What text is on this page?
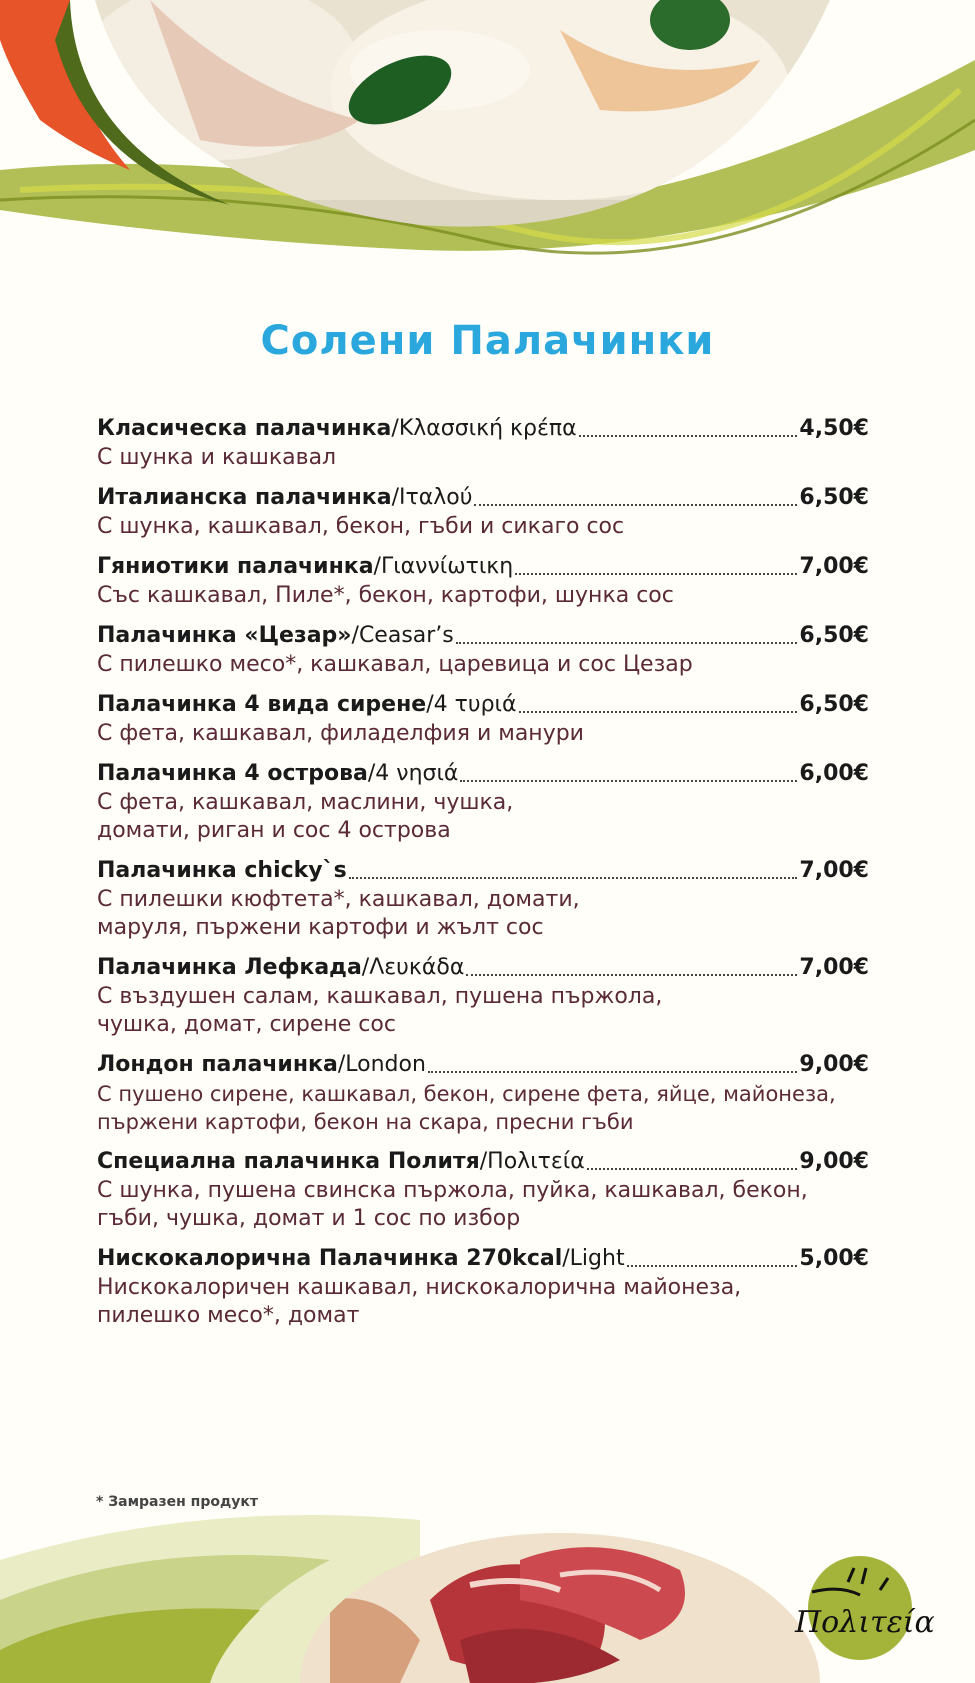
Солени Палачинки
Класическа палачинка / Κλασσική κρέπα	4,50€
С шунка и кашкавал
Италианска палачинка / Ιταλού	6,50€
С шунка, кашкавал, бекон, гъби и сикаго сос
Гяниотики палачинка / Γιαννίωτικη	7,00€
Със кашкавал, Пиле*, бекон, картофи, шунка сос
Палачинка «Цезар» / Ceasar’s	6,50€
С пилешко месо*, кашкавал, царевица и сос Цезар
Палачинка 4 вида сирене / 4 τυριά	6,50€
С фета, кашкавал, филаделфия и манури
Палачинка 4 острова / 4 νησιά	6,00€
С фета, кашкавал, маслини, чушка, домати, риган и сос 4 острова
Палачинка chicky`s	7,00€
С пилешки кюфтета*, кашкавал, домати, маруля, пържени картофи и жълт сос
Палачинка Лефкада / Λευκάδα	7,00€
С въздушен салам, кашкавал, пушена пържола, чушка, домат, сирене сос
Лондон палачинка / London	9,00€
С пушено сирене, кашкавал, бекон, сирене фета, яйце, майонеза, пържени картофи, бекон на скара, пресни гъби
Специална палачинка Политя / Πολιτεία	9,00€
С шунка, пушена свинска пържола, пуйка, кашкавал, бекон, гъби, чушка, домат и 1 сос по избор
Нискокалорична Палачинка 270kcal / Light	5,00€
Нискокалоричен кашкавал, нискокалорична майонеза, пилешко месо*, домат
* Замразен продукт
Πολιτεία
